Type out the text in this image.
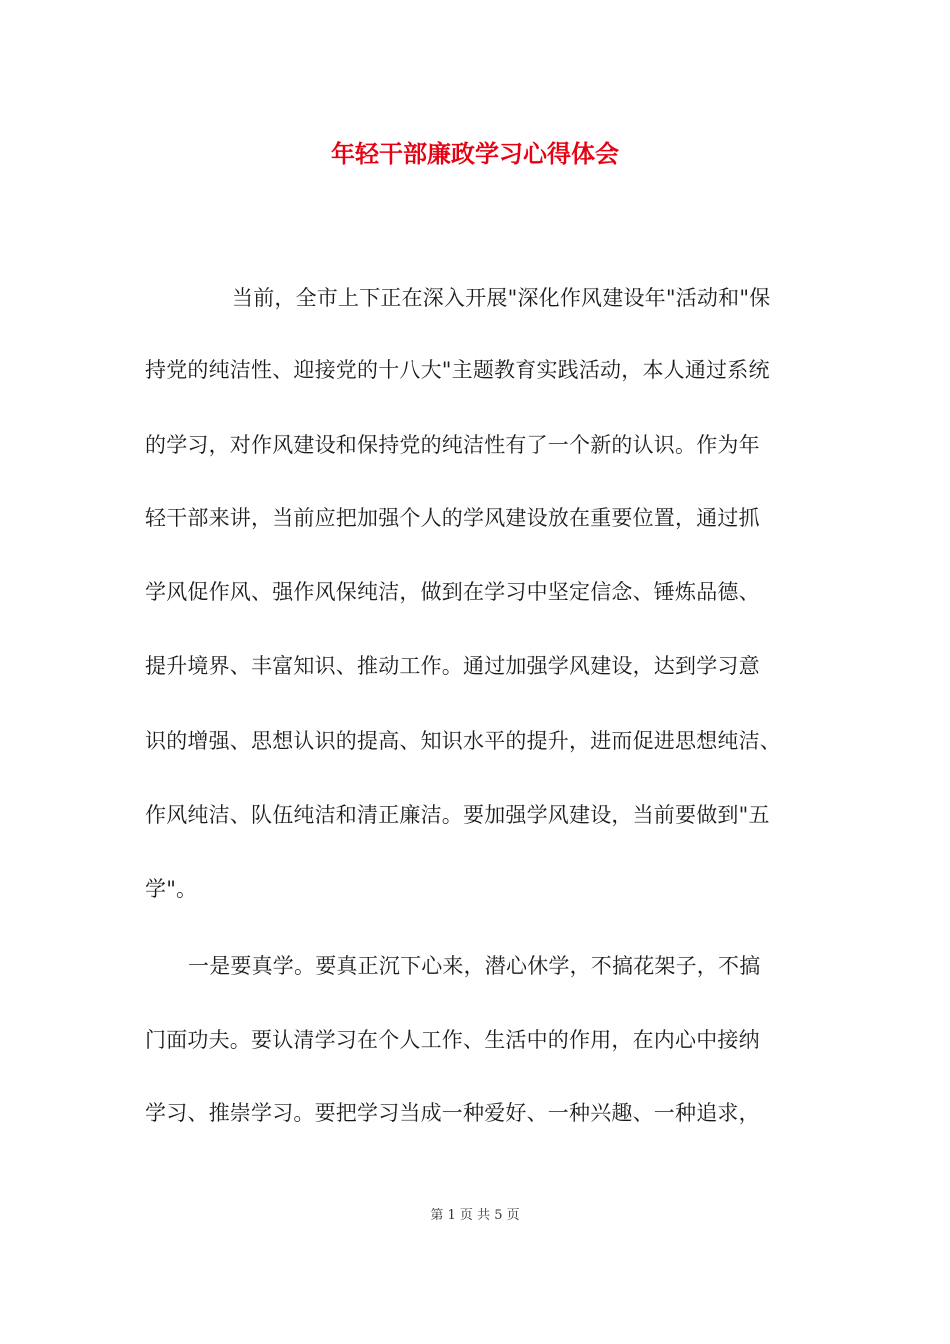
年轻干部廉政学习心得体会
当前，全市上下正在深入开展"深化作风建设年"活动和"保
持党的纯洁性、迎接党的十八大"主题教育实践活动，本人通过系统
的学习，对作风建设和保持党的纯洁性有了一个新的认识。作为年
轻干部来讲，当前应把加强个人的学风建设放在重要位置，通过抓
学风促作风、强作风保纯洁，做到在学习中坚定信念、锤炼品德、
提升境界、丰富知识、推动工作。通过加强学风建设，达到学习意
识的增强、思想认识的提高、知识水平的提升，进而促进思想纯洁、
作风纯洁、队伍纯洁和清正廉洁。要加强学风建设，当前要做到"五
学"。
一是要真学。要真正沉下心来，潜心休学，不搞花架子，不搞
门面功夫。要认清学习在个人工作、生活中的作用，在内心中接纳
学习、推崇学习。要把学习当成一种爱好、一种兴趣、一种追求，
第 1 页 共 5 页
